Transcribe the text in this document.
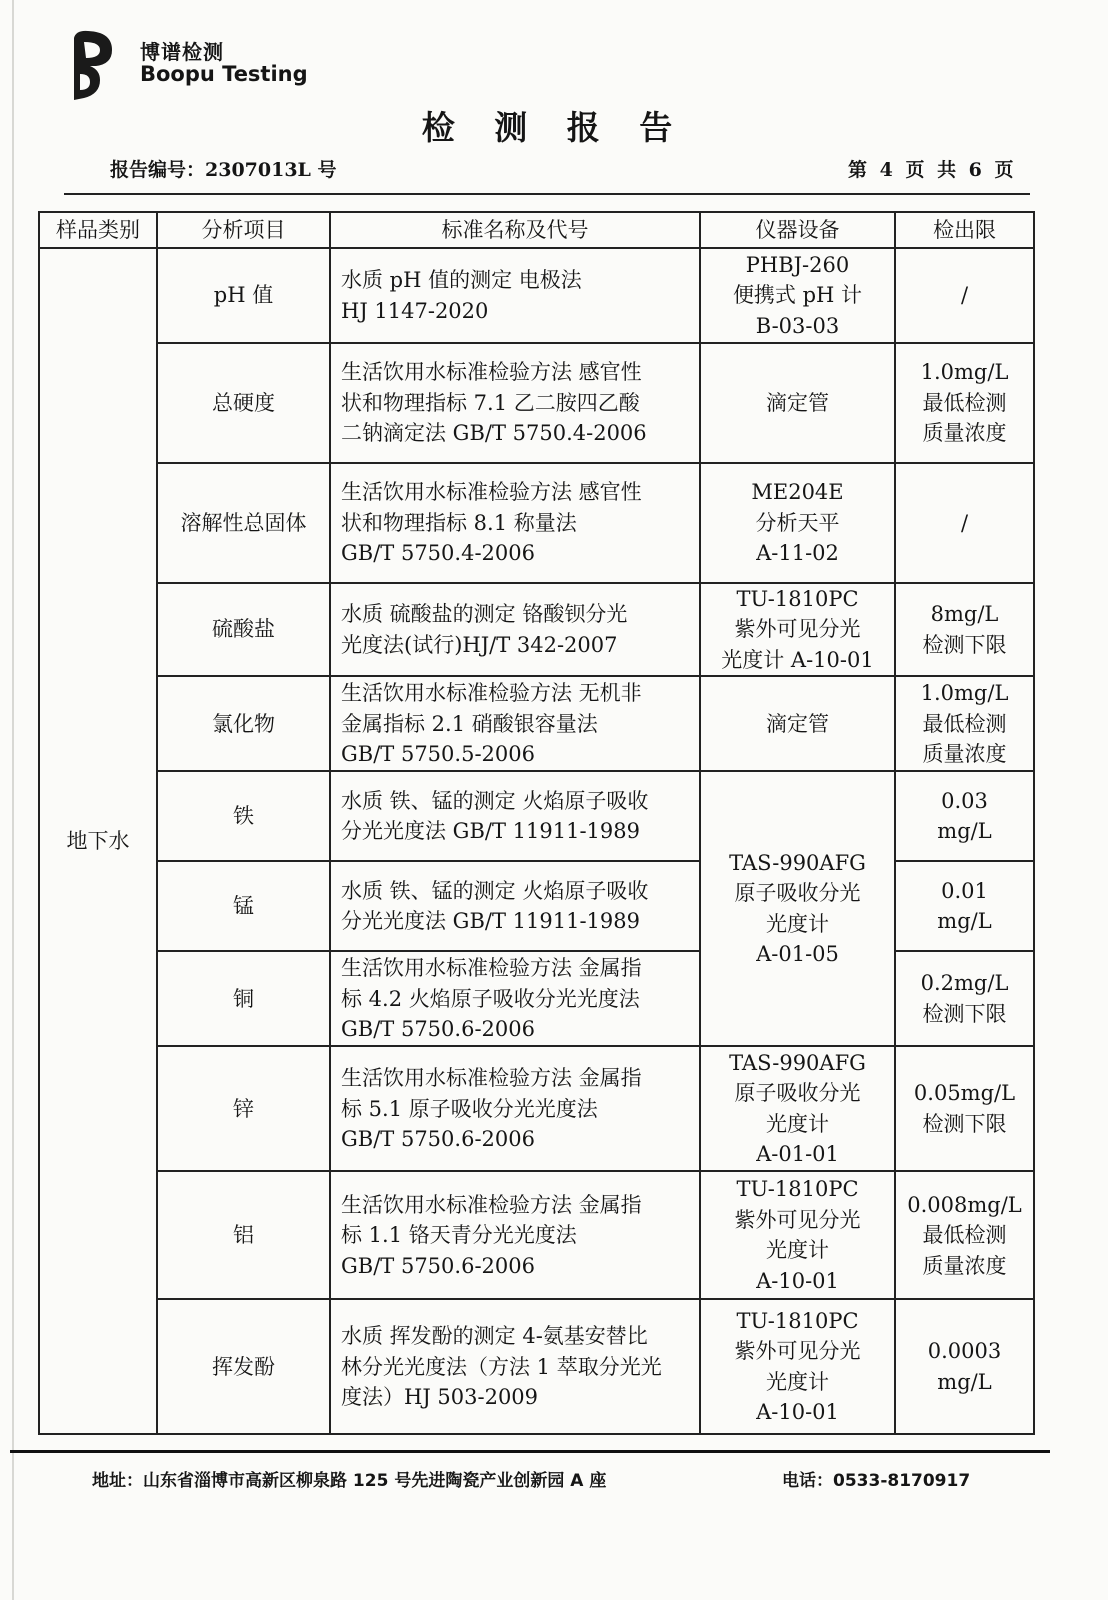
博谱检测
Boopu Testing
检 测 报 告
报告编号：2307013L 号	第 4 页 共 6 页
样品类别	分析项目	标准名称及代号	仪器设备	检出限
地下水	pH 值	水质 pH 值的测定 电极法
HJ 1147-2020	PHBJ-260
便携式 pH 计
B-03-03	/
	总硬度	生活饮用水标准检验方法 感官性
状和物理指标 7.1 乙二胺四乙酸
二钠滴定法 GB/T 5750.4-2006	滴定管	1.0mg/L
最低检测
质量浓度
	溶解性总固体	生活饮用水标准检验方法 感官性
状和物理指标 8.1 称量法
GB/T 5750.4-2006	ME204E
分析天平
A-11-02	/
	硫酸盐	水质 硫酸盐的测定 铬酸钡分光
光度法(试行)HJ/T 342-2007	TU-1810PC
紫外可见分光
光度计 A-10-01	8mg/L
检测下限
	氯化物	生活饮用水标准检验方法 无机非
金属指标 2.1 硝酸银容量法
GB/T 5750.5-2006	滴定管	1.0mg/L
最低检测
质量浓度
	铁	水质 铁、锰的测定 火焰原子吸收
分光光度法 GB/T 11911-1989	TAS-990AFG
原子吸收分光
光度计
A-01-05	0.03
mg/L
	锰	水质 铁、锰的测定 火焰原子吸收
分光光度法 GB/T 11911-1989		0.01
mg/L
	铜	生活饮用水标准检验方法 金属指
标 4.2 火焰原子吸收分光光度法
GB/T 5750.6-2006		0.2mg/L
检测下限
	锌	生活饮用水标准检验方法 金属指
标 5.1 原子吸收分光光度法
GB/T 5750.6-2006	TAS-990AFG
原子吸收分光
光度计
A-01-01	0.05mg/L
检测下限
	铝	生活饮用水标准检验方法 金属指
标 1.1 铬天青分光光度法
GB/T 5750.6-2006	TU-1810PC
紫外可见分光
光度计
A-10-01	0.008mg/L
最低检测
质量浓度
	挥发酚	水质 挥发酚的测定 4-氨基安替比
林分光光度法（方法 1 萃取分光光
度法）HJ 503-2009	TU-1810PC
紫外可见分光
光度计
A-10-01	0.0003
mg/L
地址：山东省淄博市高新区柳泉路 125 号先进陶瓷产业创新园 A 座	电话：0533-8170917
